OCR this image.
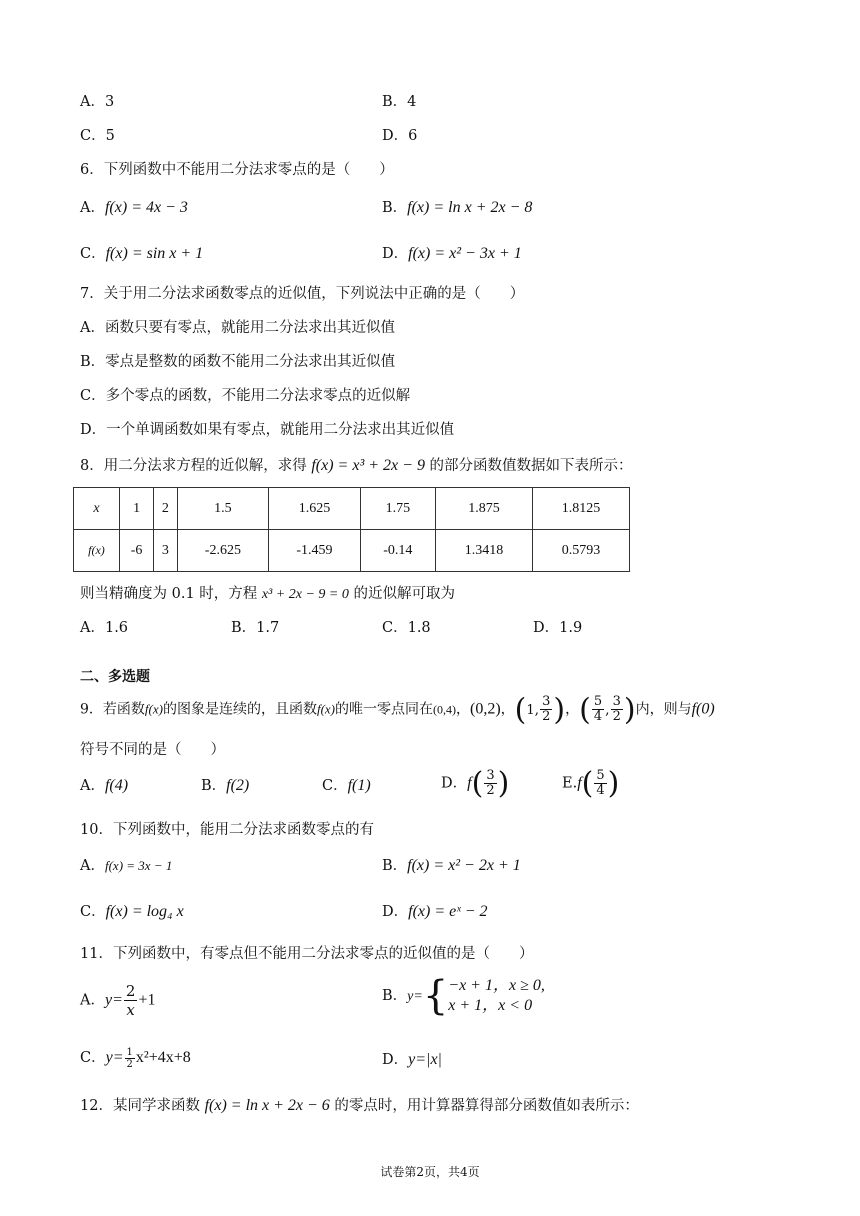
A．3	B．4
C．5	D．6
6．下列函数中不能用二分法求零点的是（　　）
A．f(x) = 4x − 3	B．f(x) = ln x + 2x − 8
C．f(x) = sin x + 1	D．f(x) = x² − 3x + 1
7．关于用二分法求函数零点的近似值，下列说法中正确的是（　　）
A．函数只要有零点，就能用二分法求出其近似值
B．零点是整数的函数不能用二分法求出其近似值
C．多个零点的函数，不能用二分法求零点的近似解
D．一个单调函数如果有零点，就能用二分法求出其近似值
8．用二分法求方程的近似解，求得 f(x) = x³ + 2x − 9 的部分函数值数据如下表所示：
x	1	2	1.5	1.625	1.75	1.875	1.8125
f(x)	-6	3	-2.625	-1.459	-0.14	1.3418	0.5793
则当精确度为 0.1 时，方程 x³ + 2x − 9 = 0 的近似解可取为
A．1.6	B．1.7	C．1.8	D．1.9
二、多选题
9．若函数f(x)的图象是连续的，且函数f(x)的唯一零点同在(0,4)，(0,2)，(1, $\frac{3}{2}$ )，( $\frac{5}{4}$ , $\frac{3}{2}$ )内，则与f(0)
符号不同的是（　　）
A．f(4)	B．f(2)	C．f(1)	D．$f( \frac{3}{2}$ )	$E.f( \frac{5}{4}$ )
10．下列函数中，能用二分法求函数零点的有
A．f(x) = 3x − 1	B．f(x) = x² − 2x + 1
C．f(x) = log₄ x	D．f(x) = eˣ − 2
11．下列函数中，有零点但不能用二分法求零点的近似值的是（　　）
A．$y= \frac{2}{x} +1$	B．y={ −x + 1，x ≥ 0,
x + 1，x < 0
C．$y= \frac{1}{2} x^2+4x+8$	D．y=|x|
12．某同学求函数 f(x) = ln x + 2x − 6 的零点时，用计算器算得部分函数值如表所示：
试卷第2页，共4页
